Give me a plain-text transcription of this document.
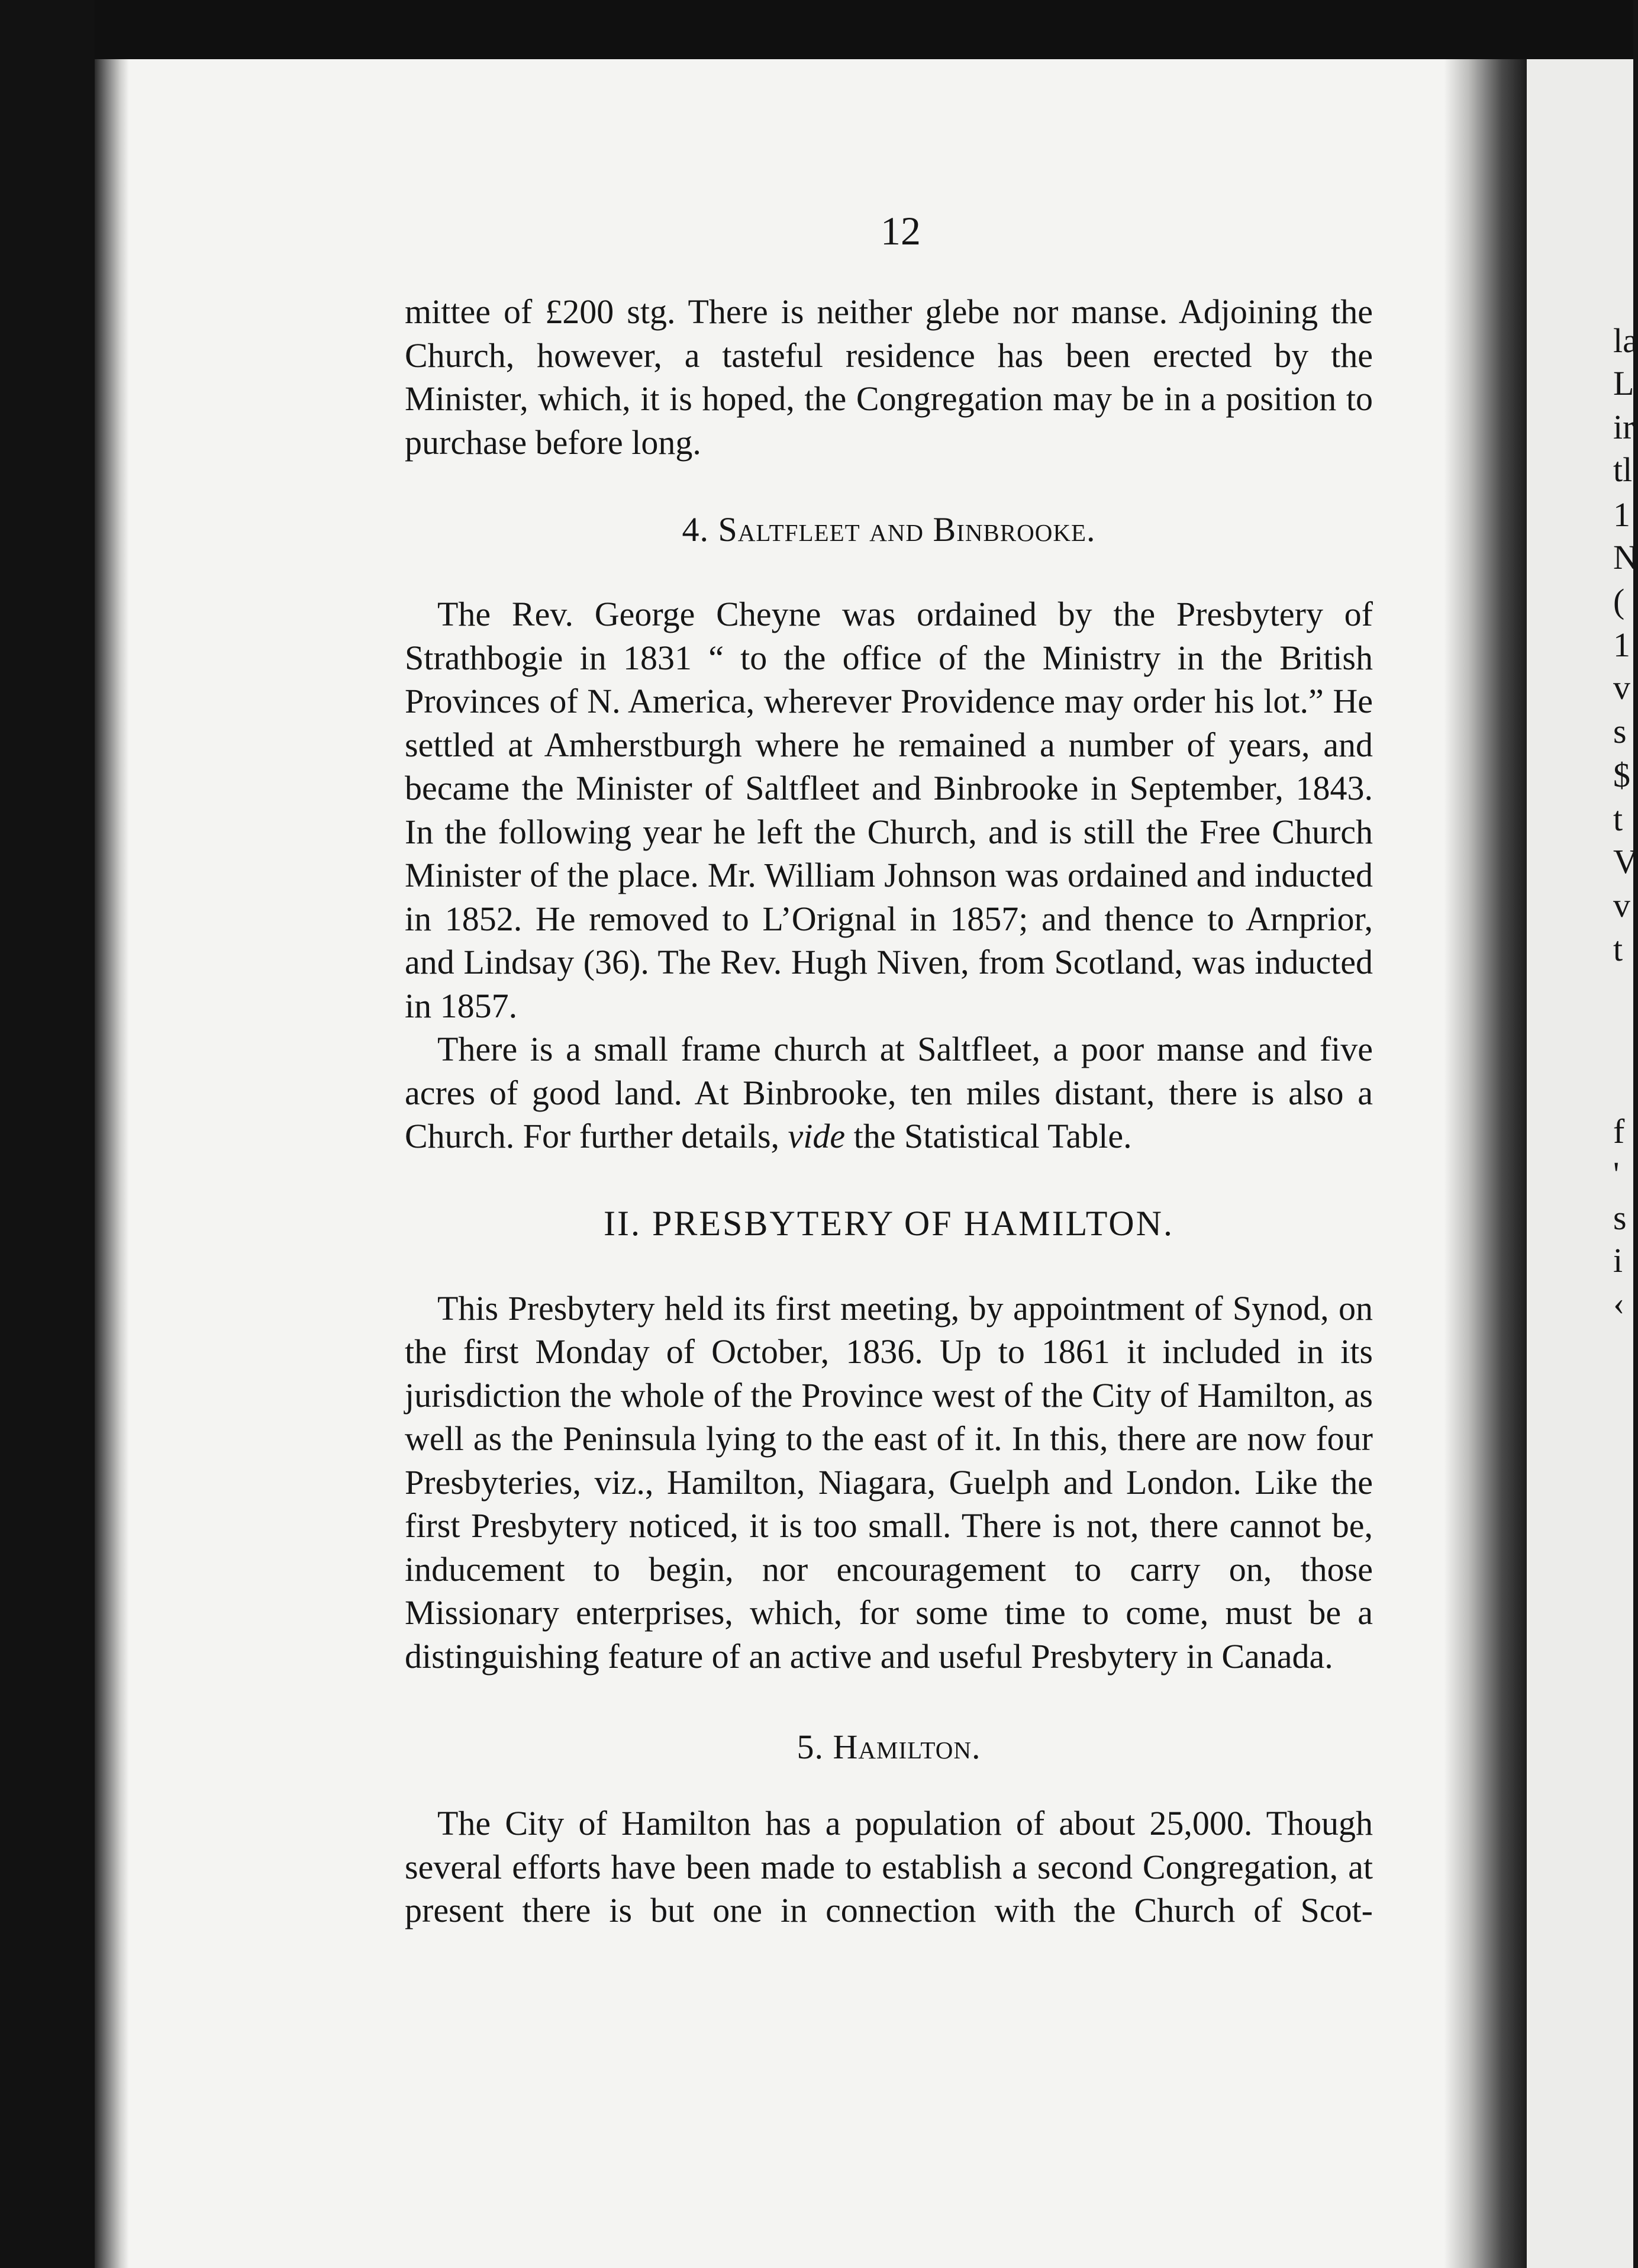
la
L
ir
tl
1
N
(
1
v
s
$
t
V
v
t
f
'
s
i
‹
12

mittee of £200 stg. There is neither glebe nor manse. Adjoining the Church, however, a tasteful residence has been erected by the Minister, which, it is hoped, the Congregation may be in a position to purchase before long.

4. Saltfleet and Binbrooke.

The Rev. George Cheyne was ordained by the Presbytery of Strathbogie in 1831 “ to the office of the Ministry in the British Provinces of N. America, wherever Providence may order his lot.” He settled at Amherstburgh where he remained a number of years, and became the Minister of Saltfleet and Binbrooke in September, 1843. In the following year he left the Church, and is still the Free Church Minister of the place. Mr. William Johnson was ordained and inducted in 1852. He removed to L’Orignal in 1857; and thence to Arnprior, and Lindsay (36). The Rev. Hugh Niven, from Scotland, was inducted in 1857.

There is a small frame church at Saltfleet, a poor manse and five acres of good land. At Binbrooke, ten miles distant, there is also a Church. For further details, vide the Statistical Table.

II. PRESBYTERY OF HAMILTON.

This Presbytery held its first meeting, by appointment of Synod, on the first Monday of October, 1836. Up to 1861 it included in its jurisdiction the whole of the Province west of the City of Hamilton, as well as the Peninsula lying to the east of it. In this, there are now four Presbyteries, viz., Hamilton, Niagara, Guelph and London. Like the first Presbytery noticed, it is too small. There is not, there cannot be, inducement to begin, nor encouragement to carry on, those Missionary enterprises, which, for some time to come, must be a distinguishing feature of an active and useful Presbytery in Canada.

5. Hamilton.

The City of Hamilton has a population of about 25,000. Though several efforts have been made to establish a second Congregation, at present there is but one in connection with the Church of Scot-
